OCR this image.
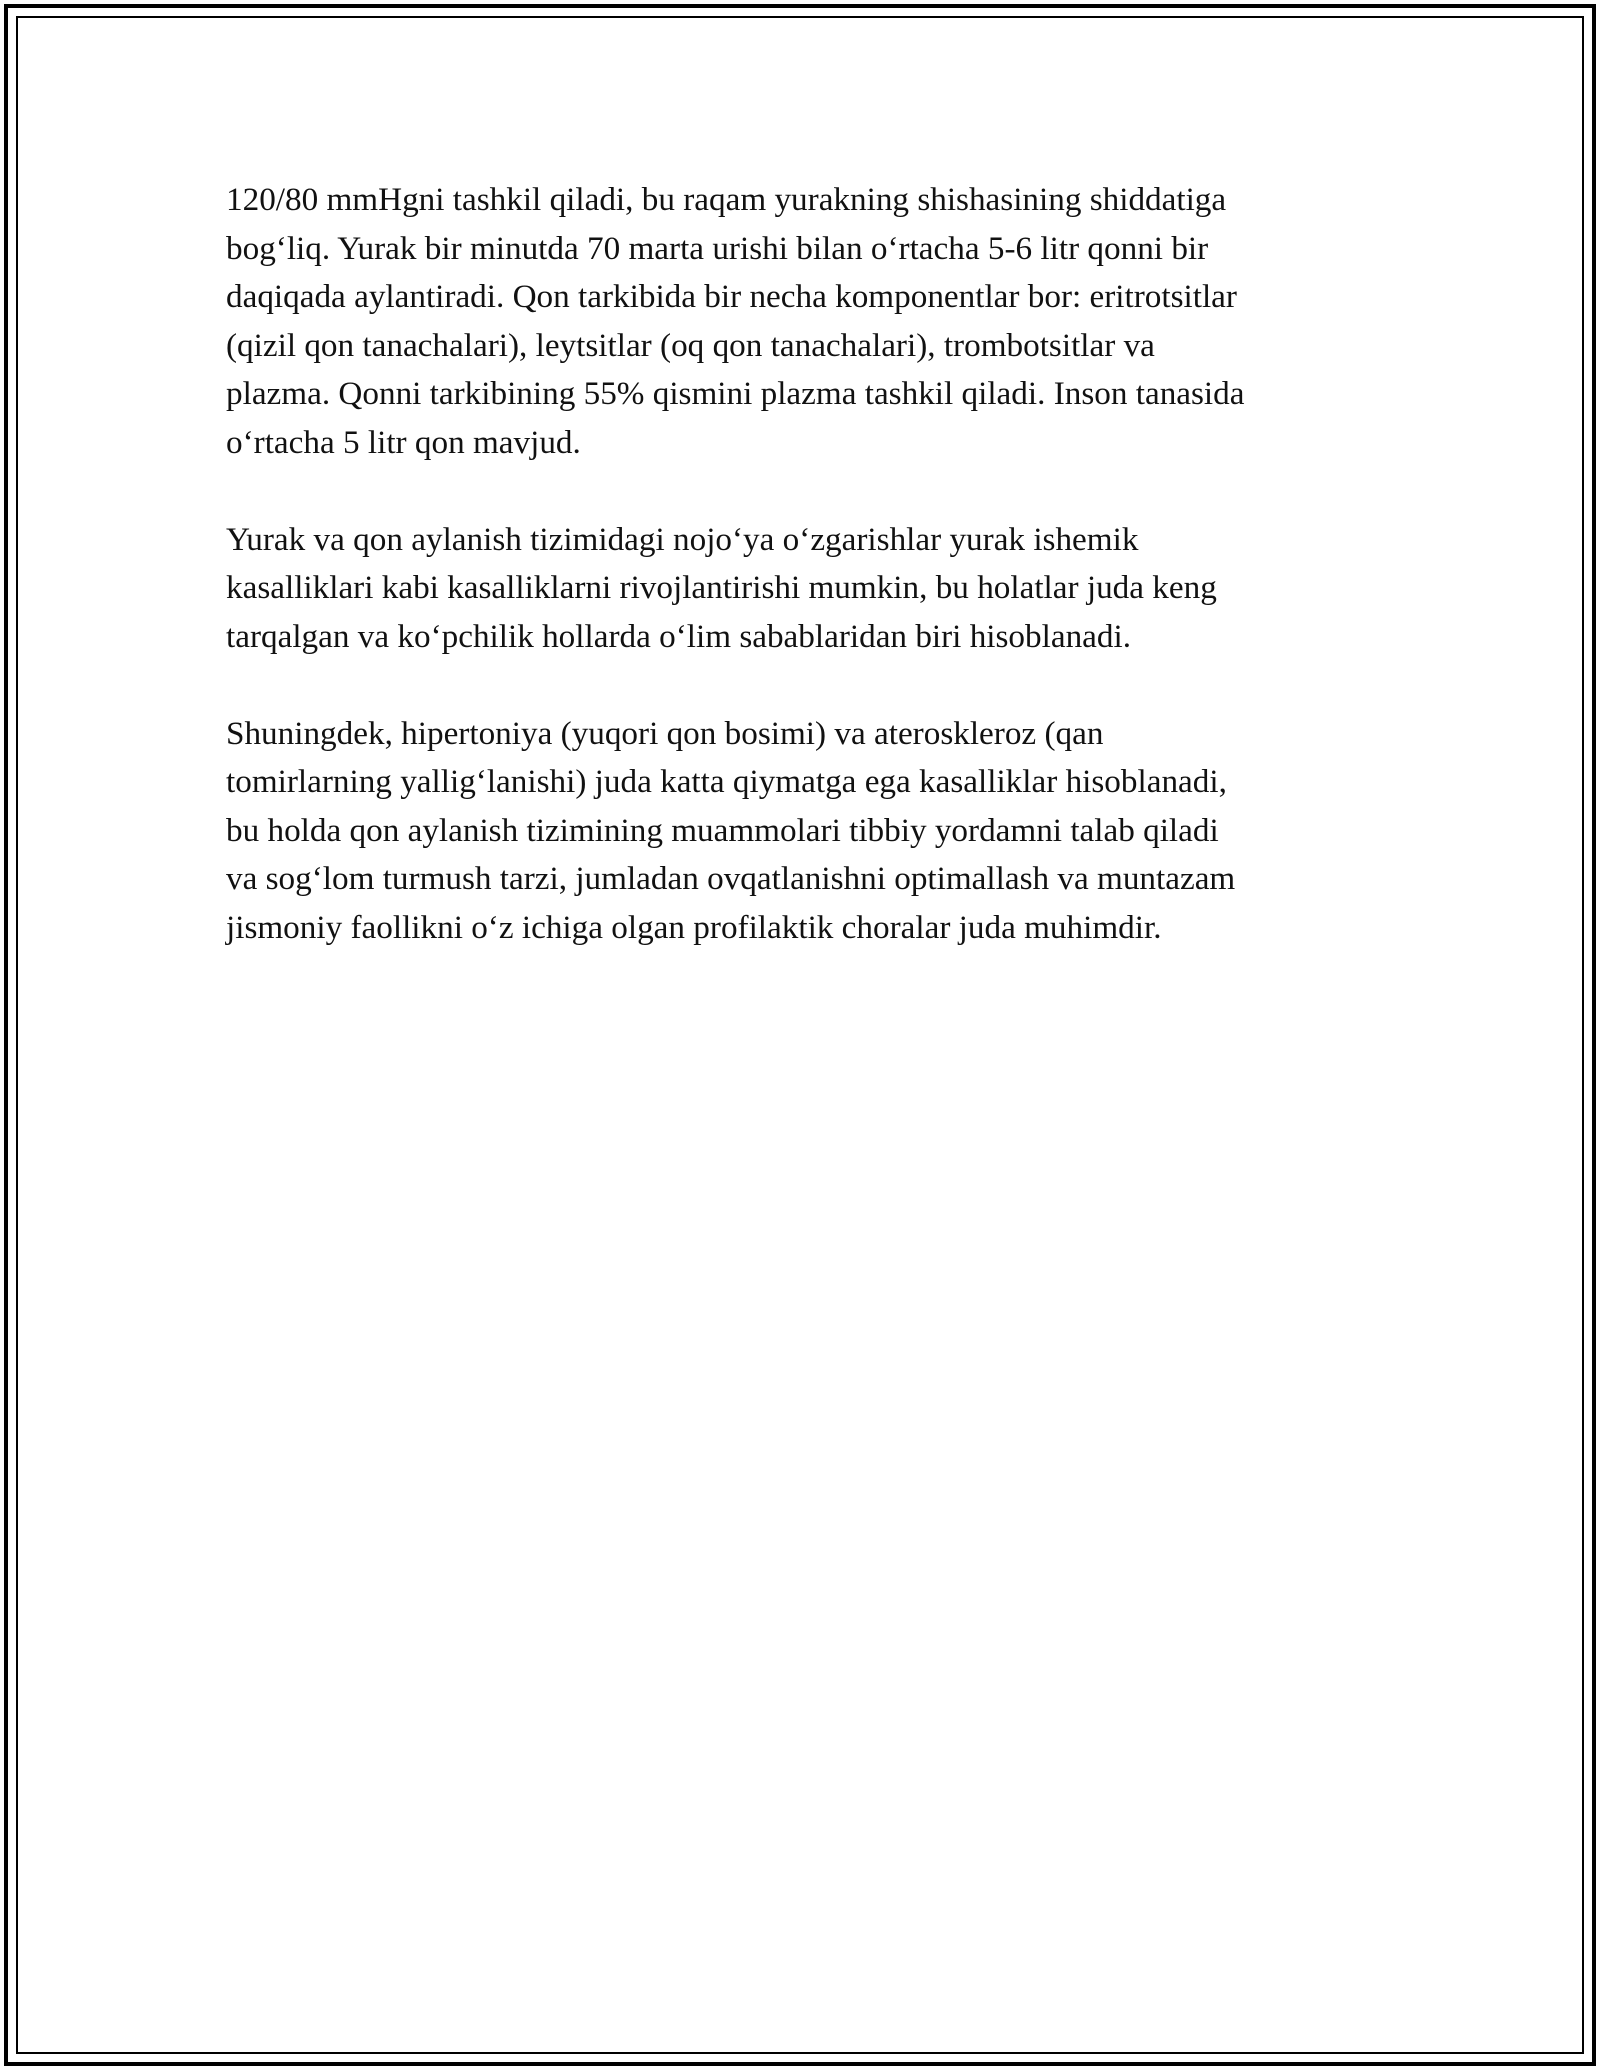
120/80 mmHgni tashkil qiladi, bu raqam yurakning shishasining shiddatiga
bog‘liq. Yurak bir minutda 70 marta urishi bilan o‘rtacha 5-6 litr qonni bir
daqiqada aylantiradi. Qon tarkibida bir necha komponentlar bor: eritrotsitlar
(qizil qon tanachalari), leytsitlar (oq qon tanachalari), trombotsitlar va
plazma. Qonni tarkibining 55% qismini plazma tashkil qiladi. Inson tanasida
o‘rtacha 5 litr qon mavjud.

Yurak va qon aylanish tizimidagi nojo‘ya o‘zgarishlar yurak ishemik
kasalliklari kabi kasalliklarni rivojlantirishi mumkin, bu holatlar juda keng
tarqalgan va ko‘pchilik hollarda o‘lim sabablaridan biri hisoblanadi.

Shuningdek, hipertoniya (yuqori qon bosimi) va ateroskleroz (qan
tomirlarning yallig‘lanishi) juda katta qiymatga ega kasalliklar hisoblanadi,
bu holda qon aylanish tizimining muammolari tibbiy yordamni talab qiladi
va sog‘lom turmush tarzi, jumladan ovqatlanishni optimallash va muntazam
jismoniy faollikni o‘z ichiga olgan profilaktik choralar juda muhimdir.
